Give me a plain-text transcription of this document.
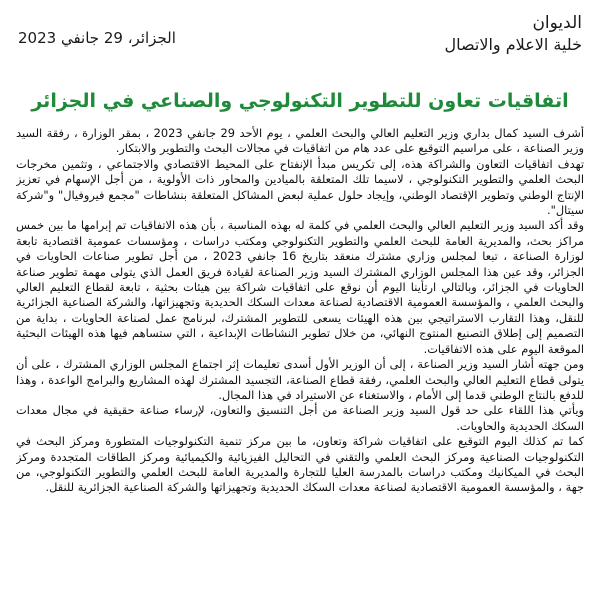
الديوان
خلية الاعلام والاتصال
الجزائر، 29 جانفي 2023
اتفاقيات تعاون للتطوير التكنولوجي والصناعي في الجزائر

أشرف السيد كمال بداري وزير التعليم العالي والبحث العلمي ، يوم الأحد 29 جانفي 2023 ، بمقر الوزارة ، رفقة السيد وزير الصناعة ، على مراسيم التوقيع على عدد هام من اتفاقيات في مجالات البحث والتطوير والابتكار.

تهدف اتفاقيات التعاون والشراكة هذه، إلى تكريس مبدأ الإنفتاح على المحيط الاقتصادي والاجتماعي ، وتثمين مخرجات البحث العلمي والتطوير التكنولوجي ، لاسيما تلك المتعلقة بالميادين والمحاور ذات الأولوية ، من أجل الإسهام في تعزيز الإنتاج الوطني وتطوير الإقتصاد الوطني، وإيجاد حلول عملية لبعض المشاكل المتعلقة بنشاطات "مجمع فيروفيال" و"شركة سيتال".

وقد أكد السيد وزير التعليم العالي والبحث العلمي في كلمة له بهذه المناسبة ، بأن هذه الاتفاقيات تم إبرامها ما بين خمس مراكز بحث، والمديرية العامة للبحث العلمي والتطوير التكنولوجي ومكتب دراسات ، ومؤسسات عمومية اقتصادية تابعة لوزارة الصناعة ، تبعا لمجلس وزاري مشترك منعقد بتاريخ 16 جانفي 2023 ، من أجل تطوير صناعات الحاويات في الجزائر، وقد عين هذا المجلس الوزاري المشترك السيد وزير الصناعة لقيادة فريق العمل الذي يتولى مهمة تطوير صناعة الحاويات في الجزائر، وبالتالي ارتأينا اليوم أن نوقع على اتفاقيات شراكة بين هيئات بحثية ، تابعة لقطاع التعليم العالي والبحث العلمي ، والمؤسسة العمومية الاقتصادية لصناعة معدات السكك الحديدية وتجهيزاتها، والشركة الصناعية الجزائرية للنقل، وهذا التقارب الاستراتيجي بين هذه الهيئات يسعى للتطوير المشترك، لبرنامج عمل لصناعة الحاويات ، بداية من التصميم إلى إطلاق التصنيع المنتوج النهائي، من خلال تطوير النشاطات الإبداعية ، التي ستساهم فيها هذه الهيئات البحثية الموقعة اليوم على هذه الاتفاقيات.

ومن جهته أشار السيد وزير الصناعة ، إلى أن الوزير الأول أسدى تعليمات إثر اجتماع المجلس الوزاري المشترك ، على أن يتولى قطاع التعليم العالي والبحث العلمي، رفقة قطاع الصناعة، التجسيد المشترك لهذه المشاريع والبرامج الواعدة ، وهذا للدفع بالنتاج الوطني قدما إلى الأمام ، والاستغناء عن الاستيراد في هذا المجال.

ويأتي هذا اللقاء على حد قول السيد وزير الصناعة من أجل التنسيق والتعاون، لإرساء صناعة حقيقية في مجال معدات السكك الحديدية والحاويات.

كما تم كذلك اليوم التوقيع على اتفاقيات شراكة وتعاون، ما بين مركز تنمية التكنولوجيات المتطورة ومركز البحث في التكنولوجيات الصناعية ومركز البحث العلمي والتقني في التحاليل الفيزيائية والكيميائية ومركز الطاقات المتجددة ومركز البحث في الميكانيك ومكتب دراسات بالمدرسة العليا للتجارة والمديرية العامة للبحث العلمي والتطوير التكنولوجي، من جهة ، والمؤسسة العمومية الاقتصادية لصناعة معدات السكك الحديدية وتجهيزاتها والشركة الصناعية الجزائرية للنقل.
